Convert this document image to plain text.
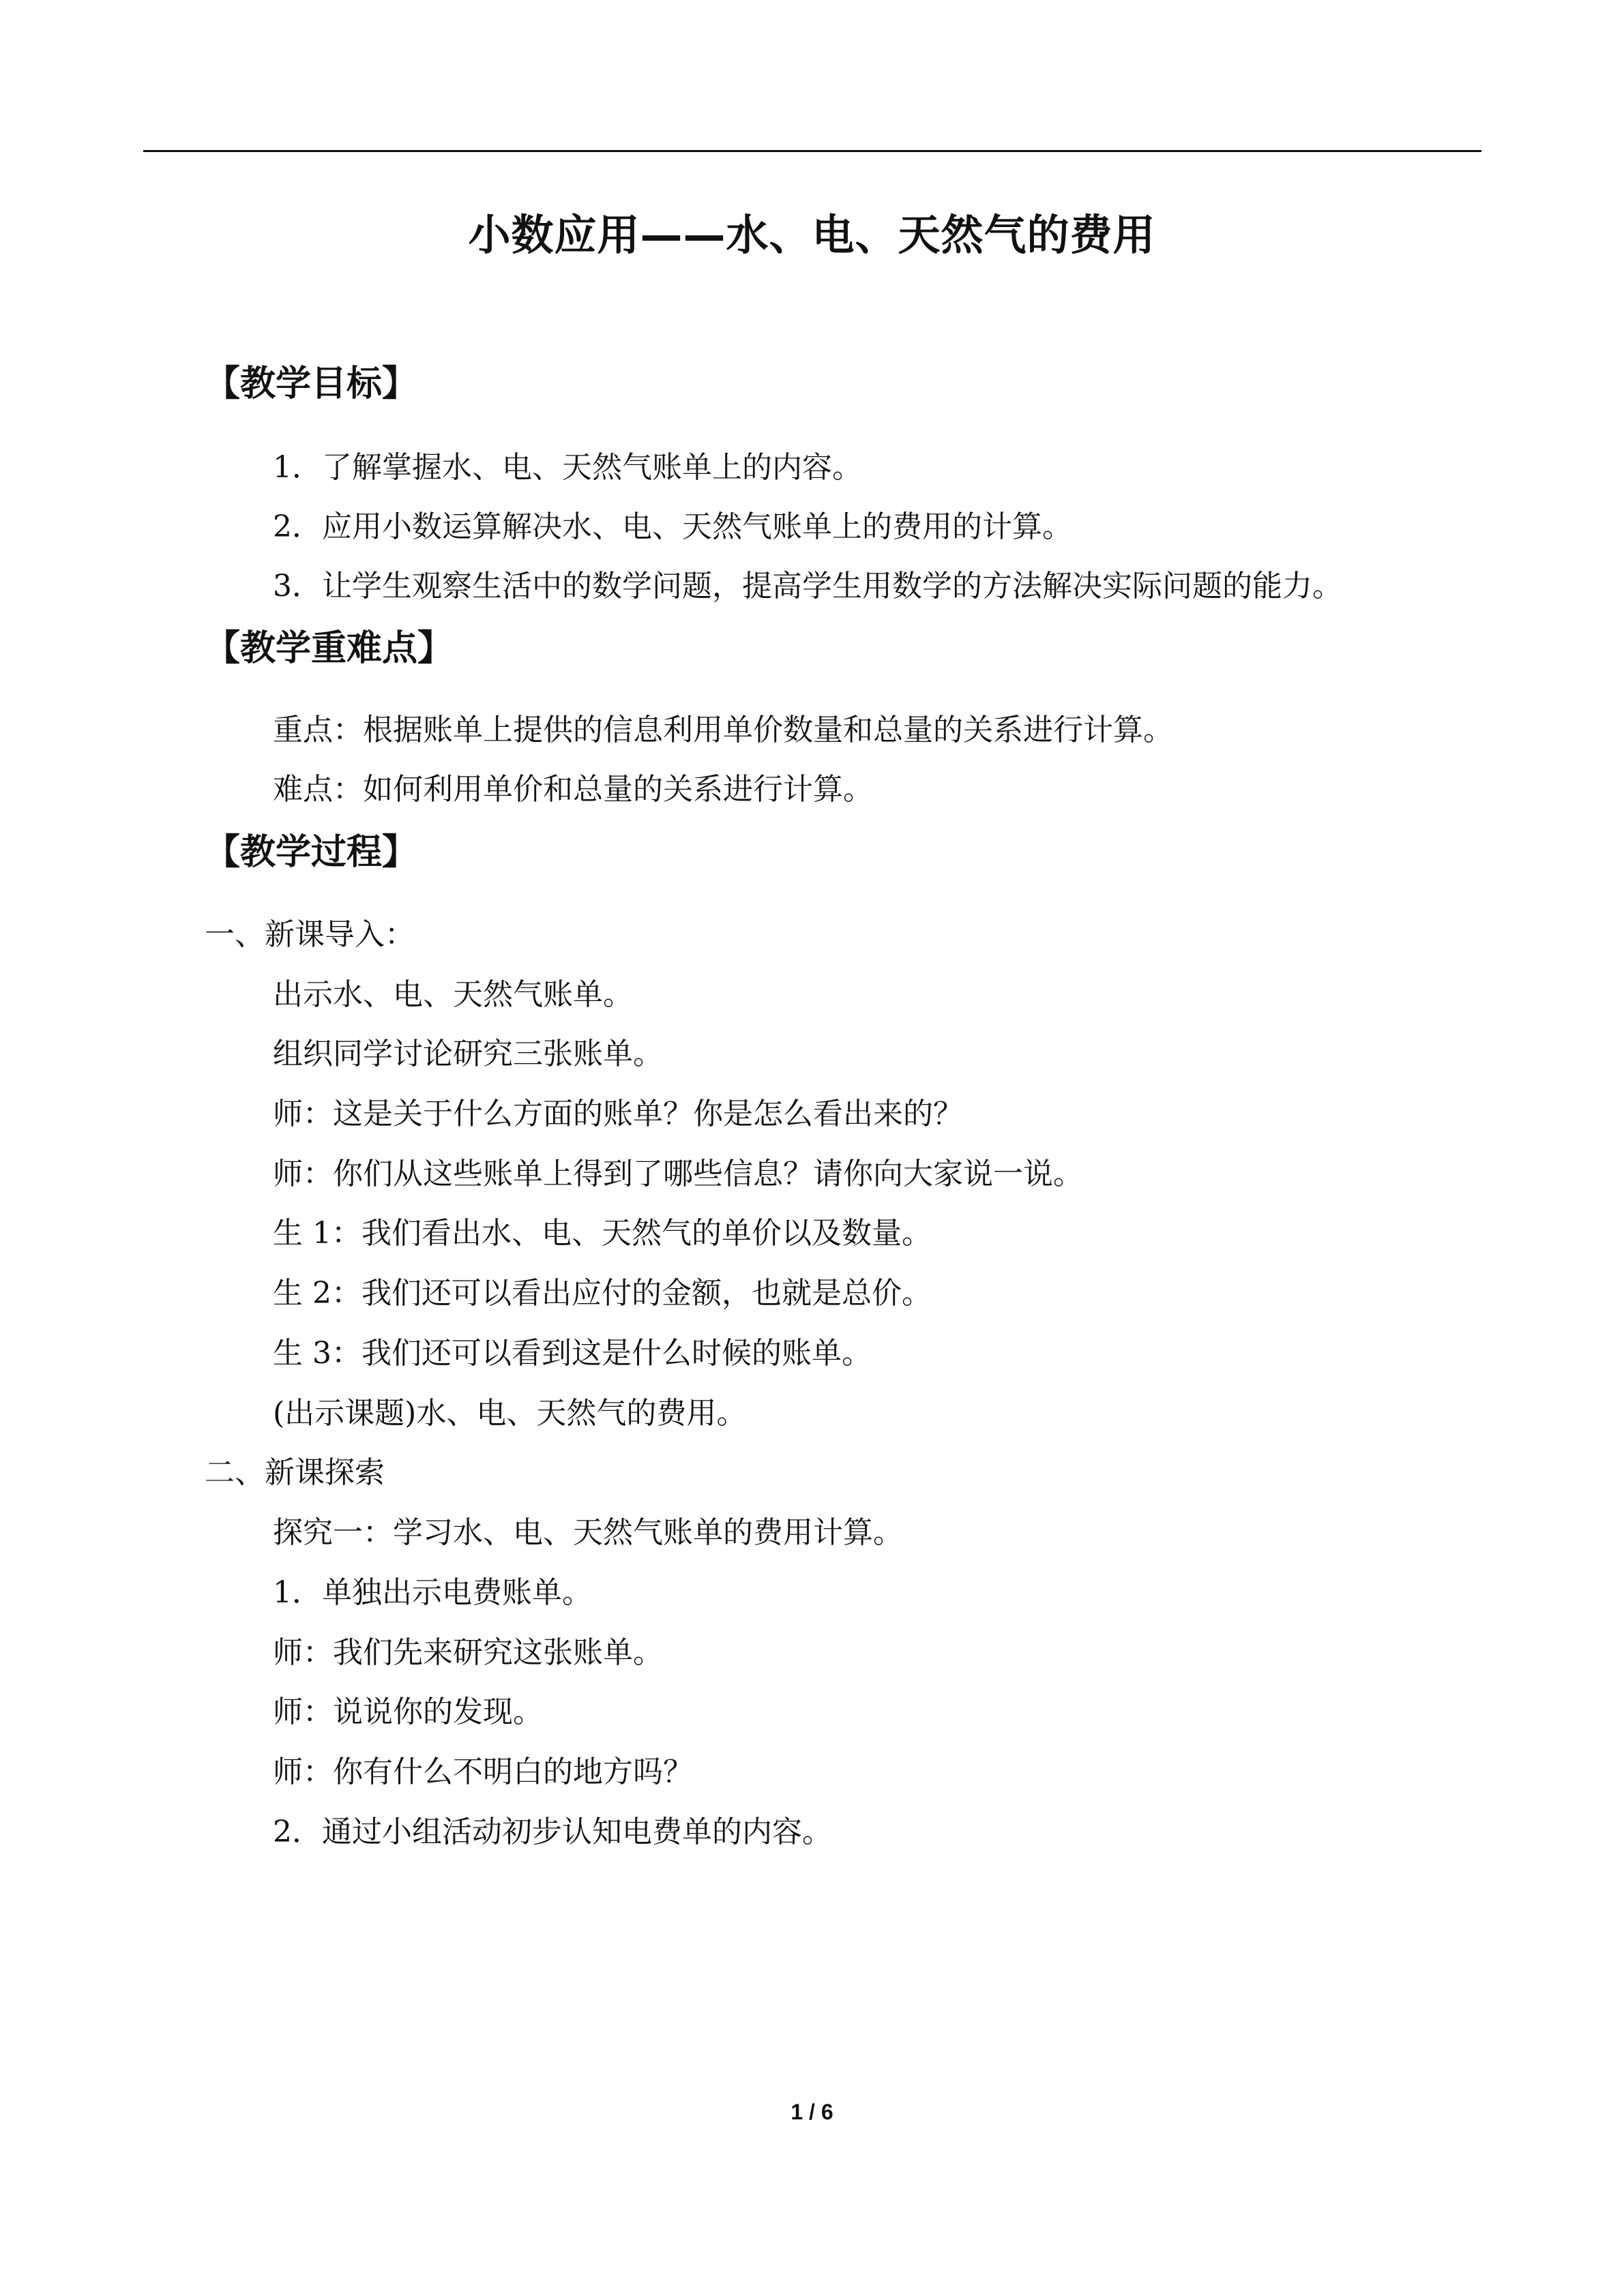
小数应用——水、电、天然气的费用
【教学目标】
1．了解掌握水、电、天然气账单上的内容。
2．应用小数运算解决水、电、天然气账单上的费用的计算。
3．让学生观察生活中的数学问题，提高学生用数学的方法解决实际问题的能力。
【教学重难点】
重点：根据账单上提供的信息利用单价数量和总量的关系进行计算。
难点：如何利用单价和总量的关系进行计算。
【教学过程】
一、新课导入：
出示水、电、天然气账单。
组织同学讨论研究三张账单。
师：这是关于什么方面的账单？你是怎么看出来的？
师：你们从这些账单上得到了哪些信息？请你向大家说一说。
生 1：我们看出水、电、天然气的单价以及数量。
生 2：我们还可以看出应付的金额，也就是总价。
生 3：我们还可以看到这是什么时候的账单。
(出示课题)水、电、天然气的费用。
二、新课探索
探究一：学习水、电、天然气账单的费用计算。
1．单独出示电费账单。
师：我们先来研究这张账单。
师：说说你的发现。
师：你有什么不明白的地方吗？
2．通过小组活动初步认知电费单的内容。
1 / 6
